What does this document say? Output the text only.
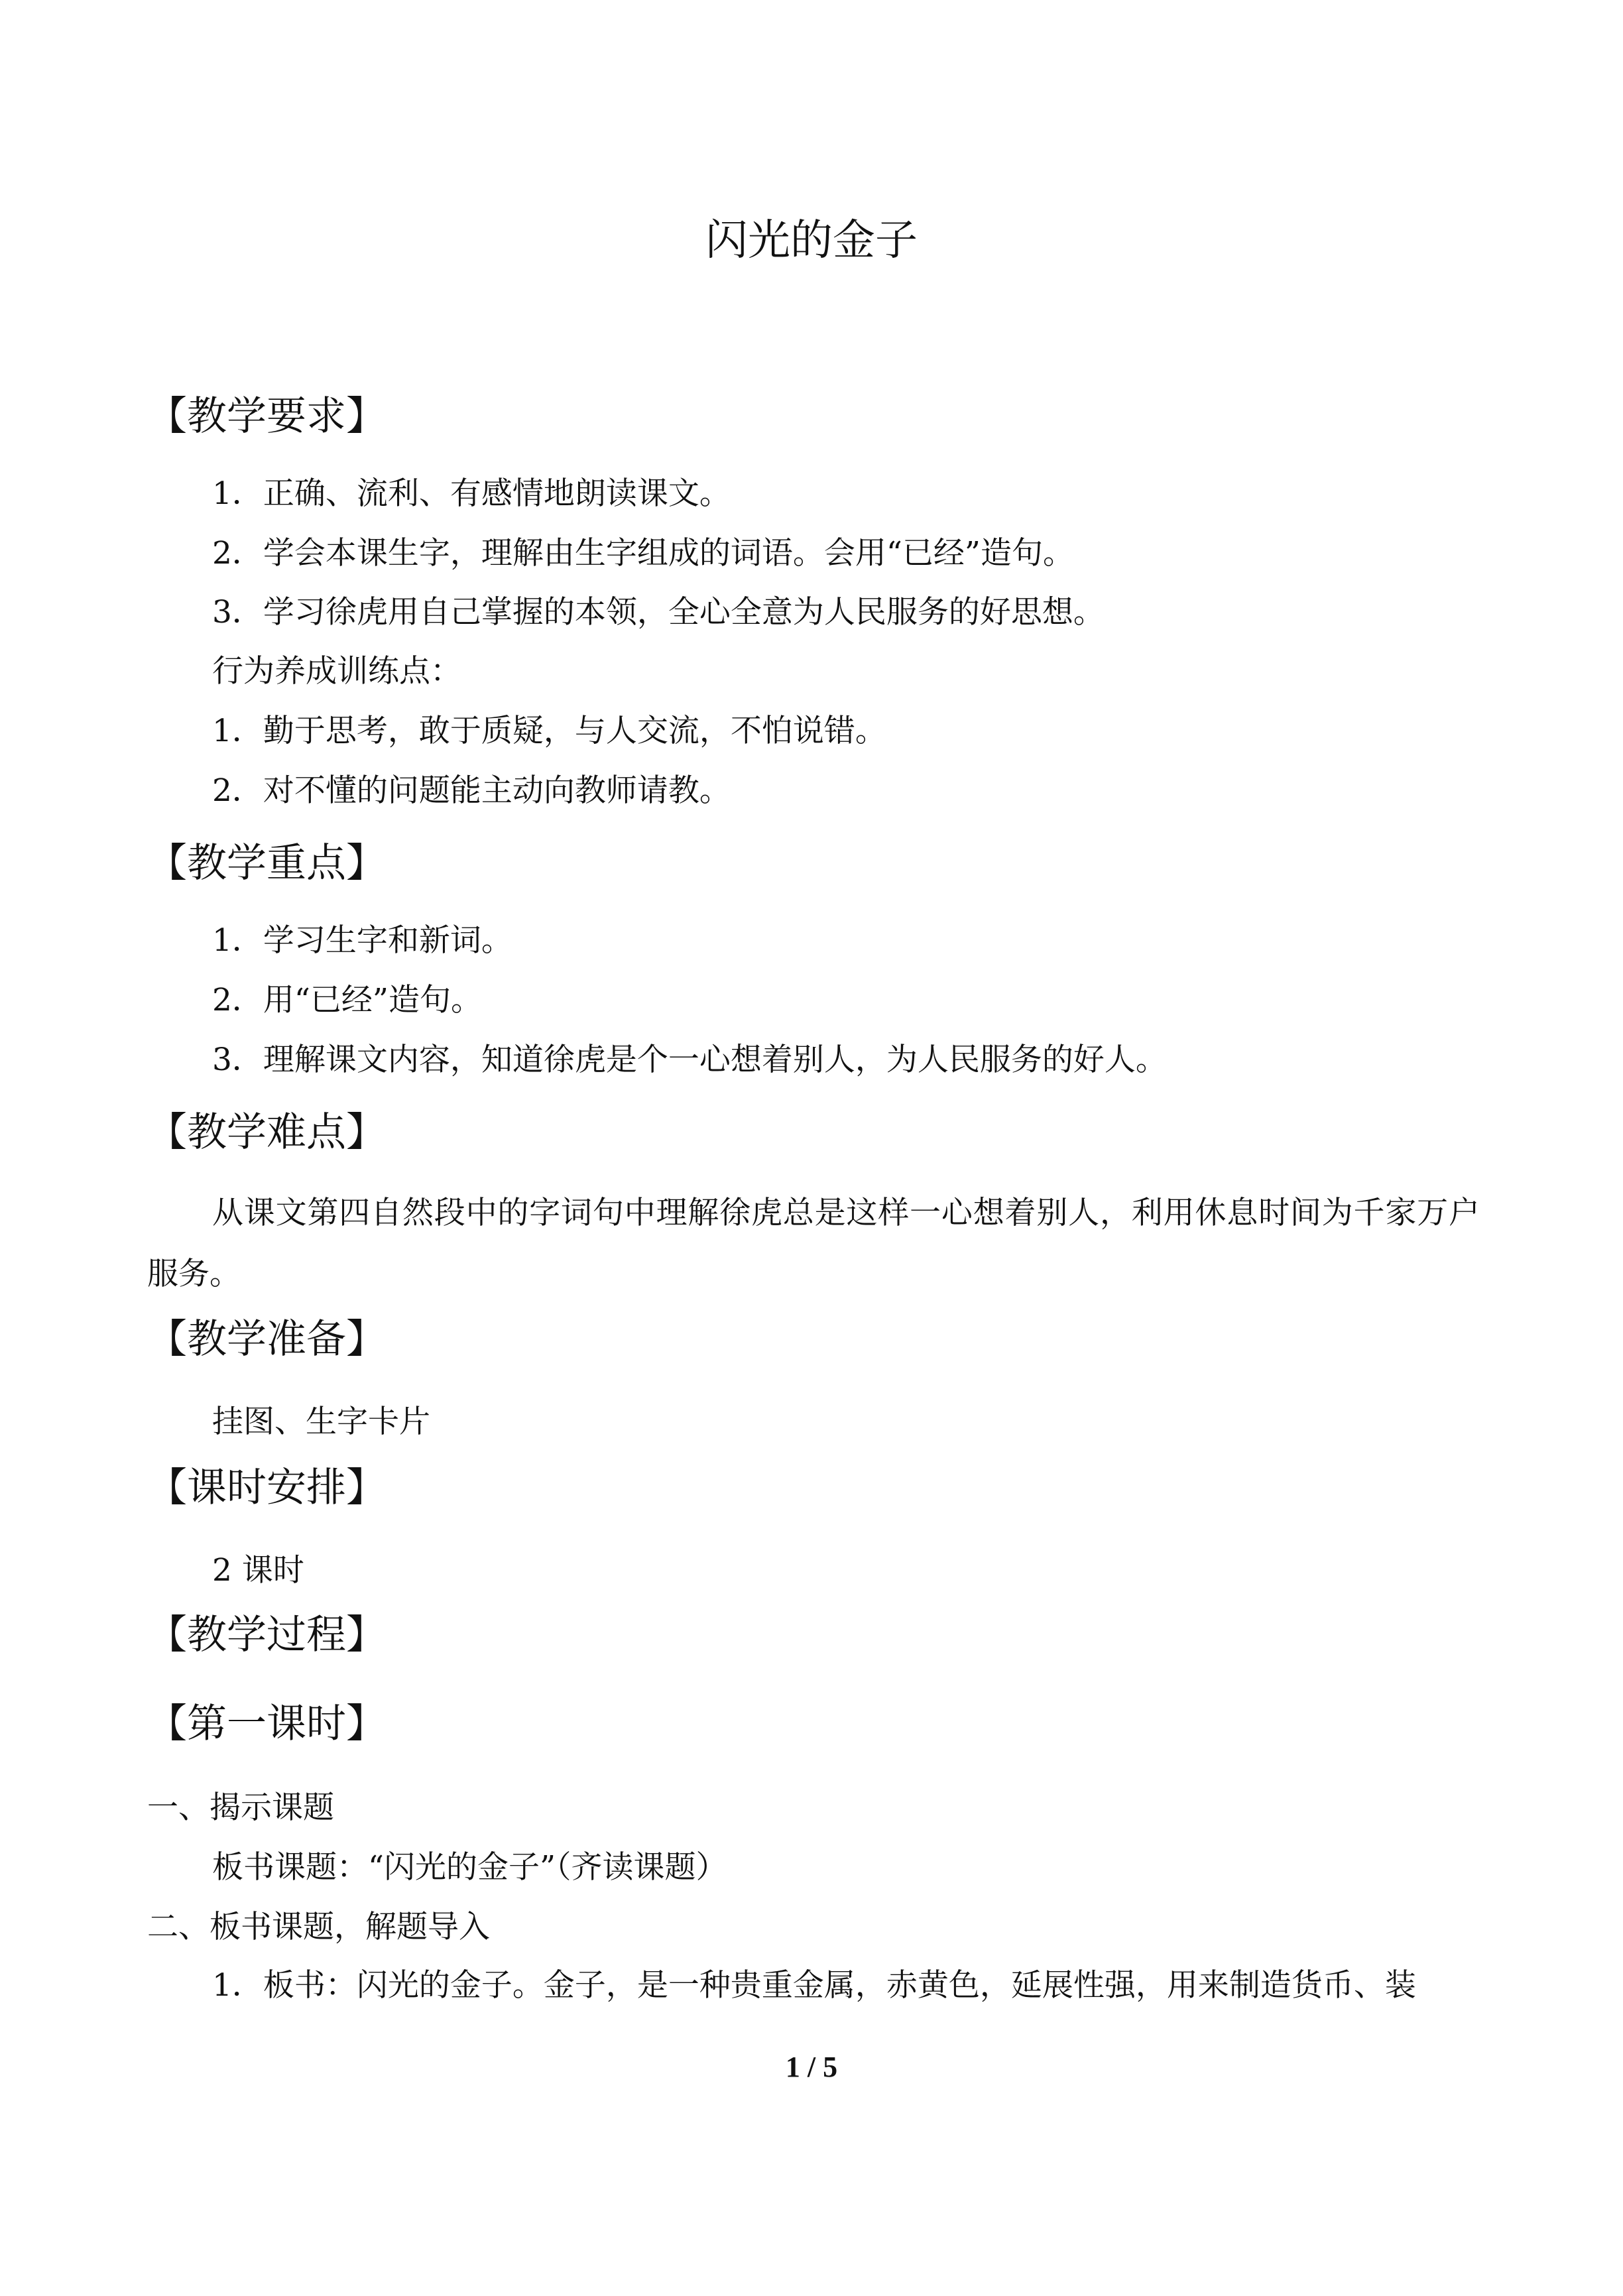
闪光的金子
【教学要求】
1．正确、流利、有感情地朗读课文。
2．学会本课生字，理解由生字组成的词语。会用“已经”造句。
3．学习徐虎用自己掌握的本领，全心全意为人民服务的好思想。
行为养成训练点：
1．勤于思考，敢于质疑，与人交流，不怕说错。
2．对不懂的问题能主动向教师请教。
【教学重点】
1．学习生字和新词。
2．用“已经”造句。
3．理解课文内容，知道徐虎是个一心想着别人，为人民服务的好人。
【教学难点】
从课文第四自然段中的字词句中理解徐虎总是这样一心想着别人，利用休息时间为千家万户服务。
【教学准备】
挂图、生字卡片
【课时安排】
2 课时
【教学过程】
【第一课时】
一、揭示课题
板书课题：“闪光的金子”（齐读课题）
二、板书课题，解题导入
1．板书：闪光的金子。金子，是一种贵重金属，赤黄色，延展性强，用来制造货币、装
1 / 5
